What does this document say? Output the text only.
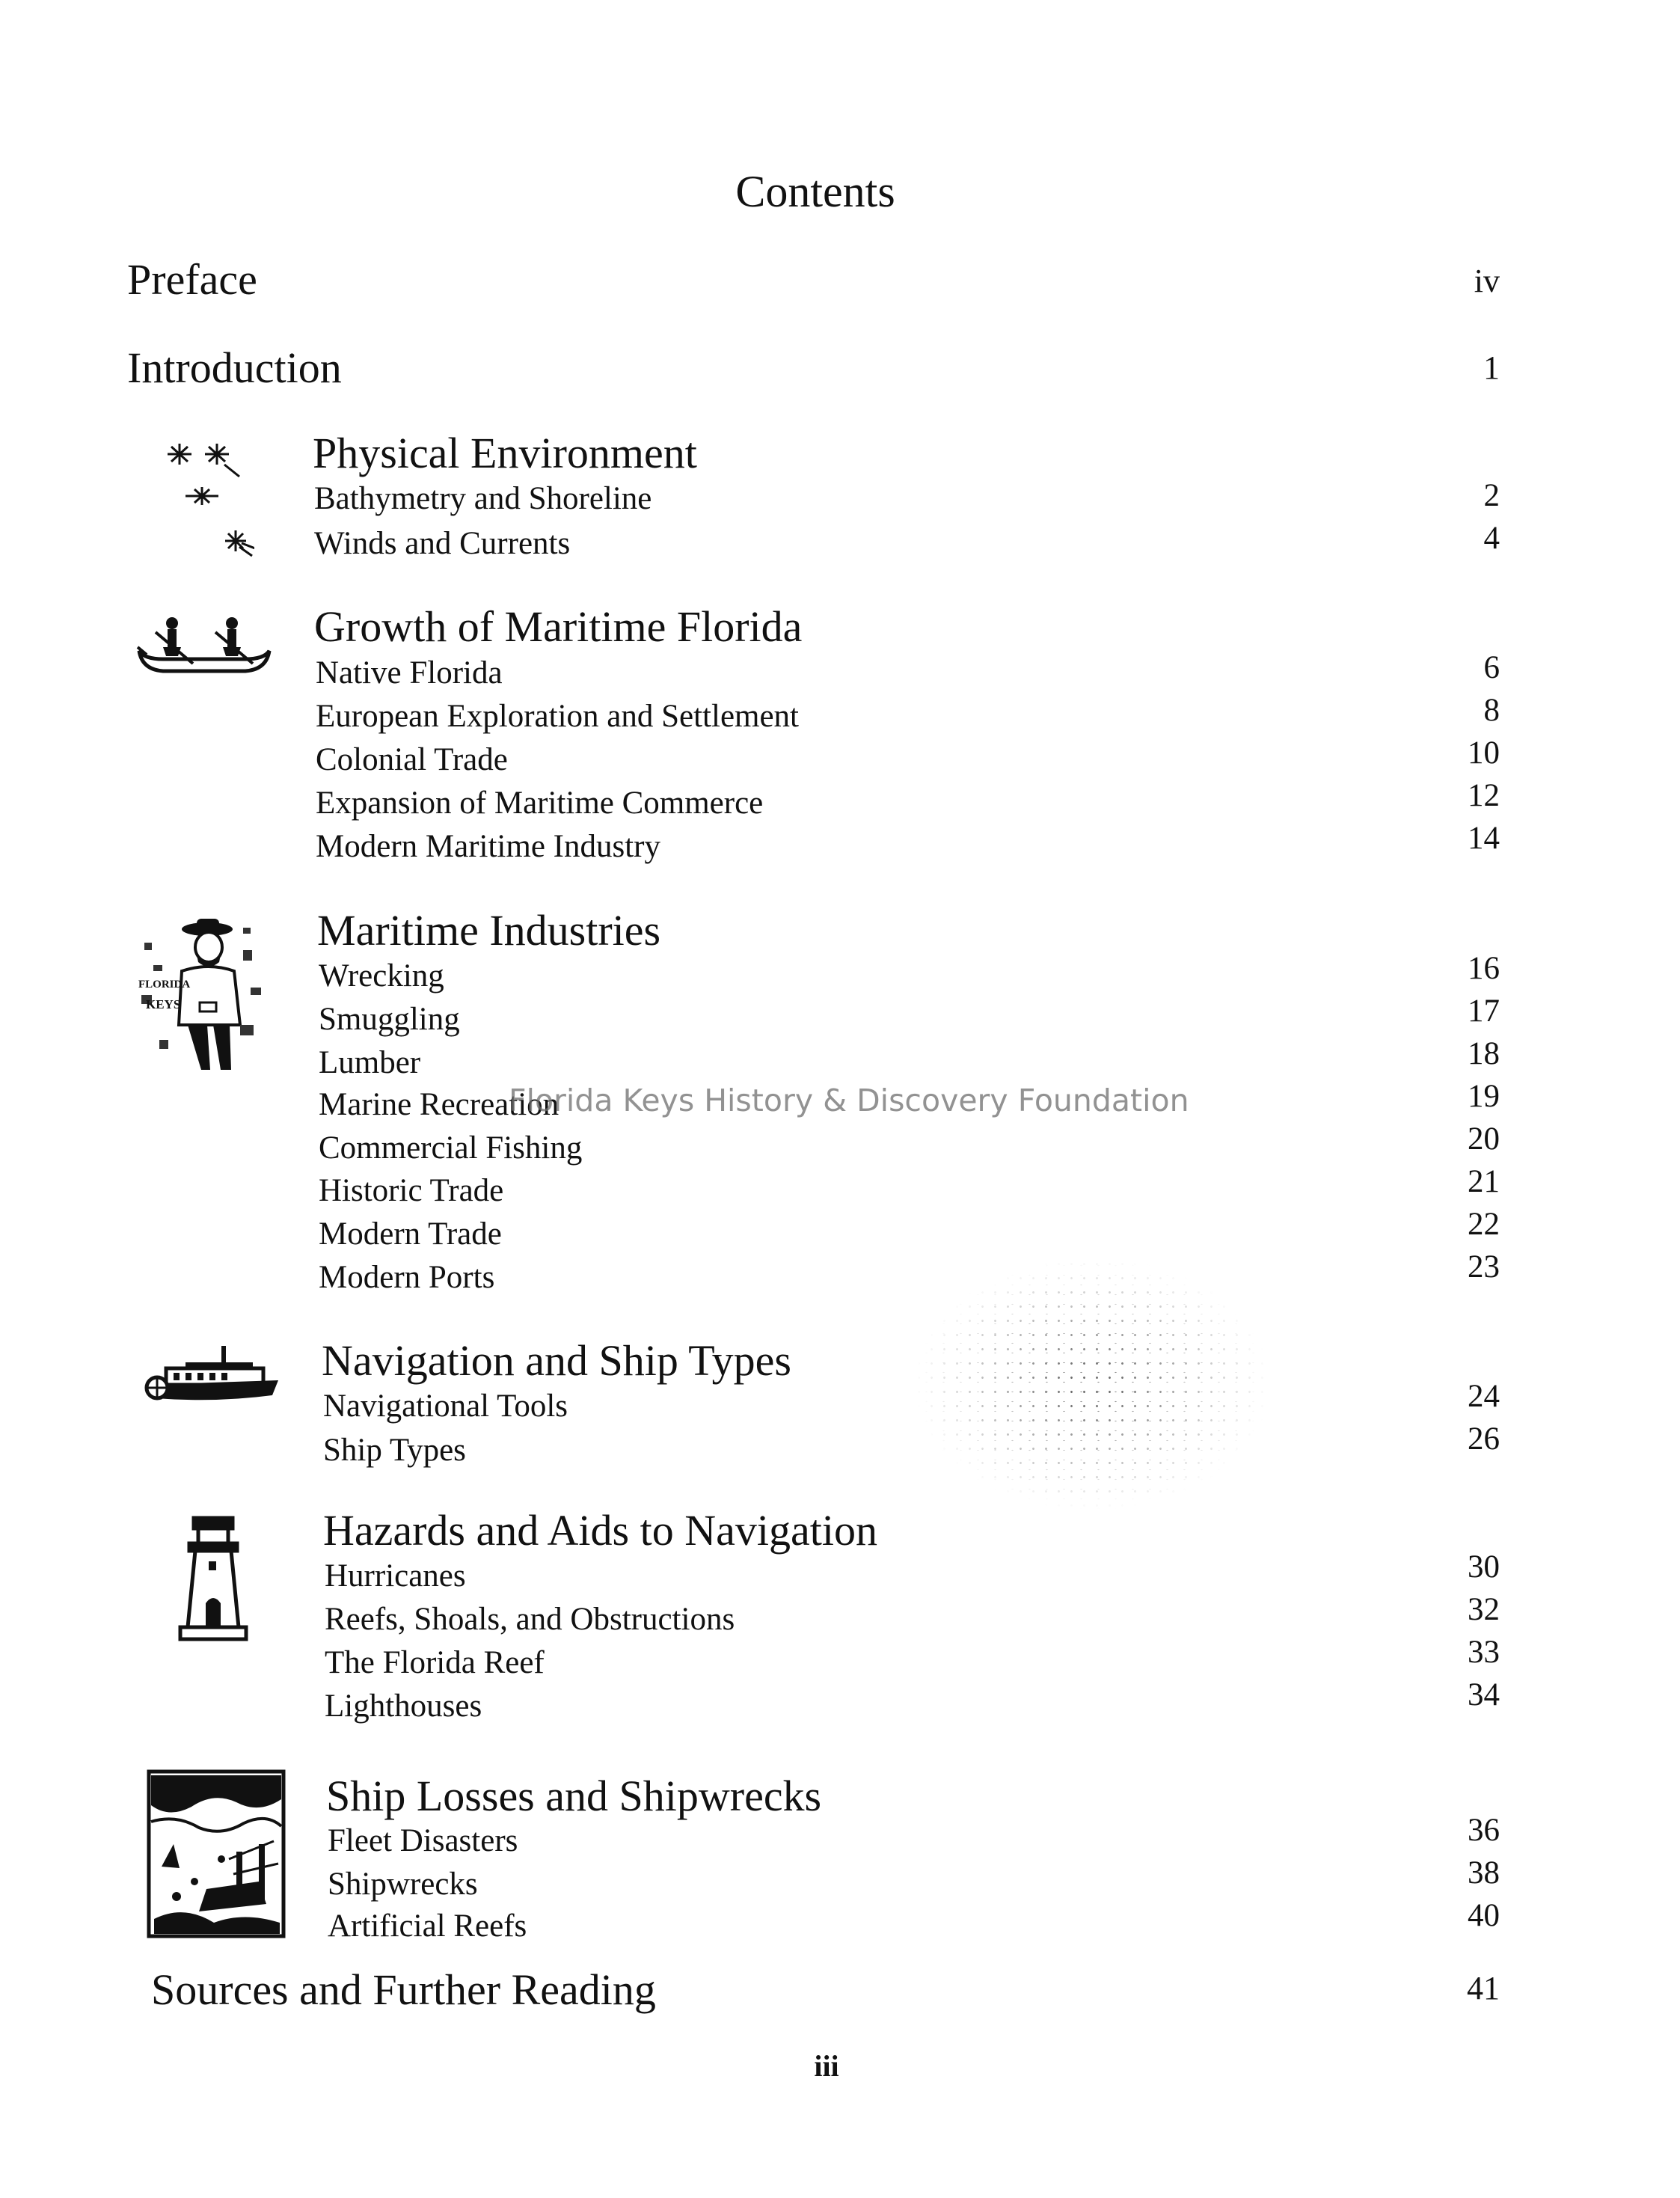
Contents
Preface	iv
Introduction	1
Physical Environment
Bathymetry and Shoreline	2
Winds and Currents	4
Growth of Maritime Florida
Native Florida	6
European Exploration and Settlement	8
Colonial Trade	10
Expansion of Maritime Commerce	12
Modern Maritime Industry	14
FLORIDA
KEYS
Maritime Industries
Wrecking	16
Smuggling	17
Lumber	18
Marine Recreation	19
Commercial Fishing	20
Historic Trade	21
Modern Trade	22
Modern Ports	23
Navigation and Ship Types
Navigational Tools	24
Ship Types	26
Hazards and Aids to Navigation
Hurricanes	30
Reefs, Shoals, and Obstructions	32
The Florida Reef	33
Lighthouses	34
Ship Losses and Shipwrecks
Fleet Disasters	36
Shipwrecks	38
Artificial Reefs	40
Sources and Further Reading	41
Florida Keys History & Discovery Foundation
iii
